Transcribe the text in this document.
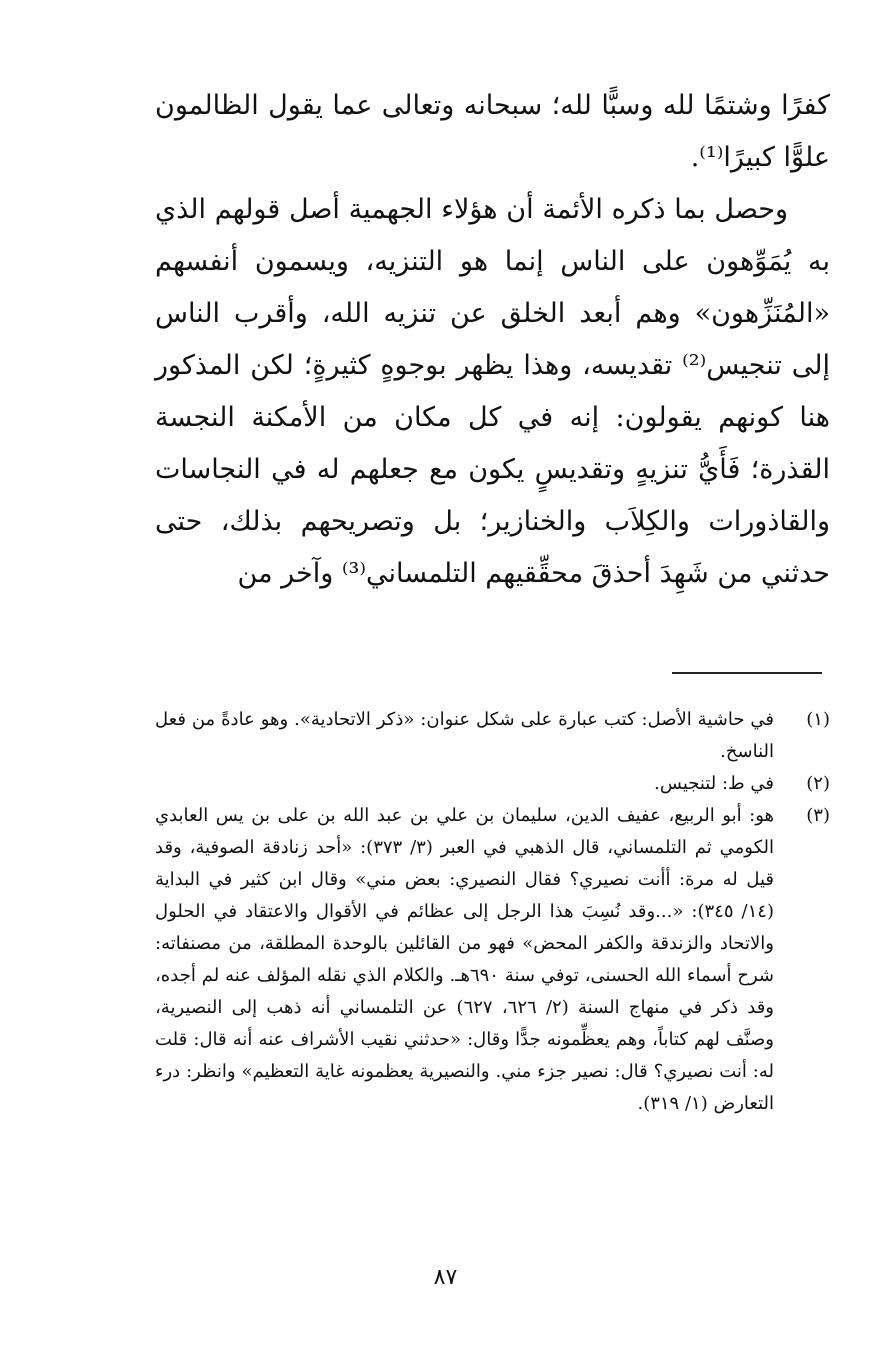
كفرًا وشتمًا لله وسبًّا لله؛ سبحانه وتعالى عما يقول الظالمون علوًّا كبيرًا⁽¹⁾.

وحصل بما ذكره الأئمة أن هؤلاء الجهمية أصل قولهم الذي به يُمَوِّهون على الناس إنما هو التنزيه، ويسمون أنفسهم «المُنَزِّهون» وهم أبعد الخلق عن تنزيه الله، وأقرب الناس إلى تنجيس⁽²⁾ تقديسه، وهذا يظهر بوجوهٍ كثيرةٍ؛ لكن المذكور هنا كونهم يقولون: إنه في كل مكان من الأمكنة النجسة القذرة؛ فَأَيُّ تنزيهٍ وتقديسٍ يكون مع جعلهم له في النجاسات والقاذورات والكِلاَب والخنازير؛ بل وتصريحهم بذلك، حتى حدثني من شَهِدَ أحذقَ محقِّقيهم التلمساني⁽³⁾ وآخر من

(١)
في حاشية الأصل: كتب عبارة على شكل عنوان: «ذكر الاتحادية». وهو عادةً من فعل الناسخ.
(٢)
في ط: لتنجيس.
(٣)
هو: أبو الربيع، عفيف الدين، سليمان بن علي بن عبد الله بن على بن يس العابدي الكومي ثم التلمساني، قال الذهبي في العبر (٣/ ٣٧٣): «أحد زنادقة الصوفية، وقد قيل له مرة: أأنت نصيري؟ فقال النصيري: بعض مني» وقال ابن كثير في البداية (١٤/ ٣٤٥): «...وقد نُسِبَ هذا الرجل إلى عظائم في الأقوال والاعتقاد في الحلول والاتحاد والزندقة والكفر المحض» فهو من القائلين بالوحدة المطلقة، من مصنفاته: شرح أسماء الله الحسنى، توفي سنة ٦٩٠هـ. والكلام الذي نقله المؤلف عنه لم أجده، وقد ذكر في منهاج السنة (٢/ ٦٢٦، ٦٢٧) عن التلمساني أنه ذهب إلى النصيرية، وصنَّف لهم كتاباً، وهم يعظِّمونه جدًّا وقال: «حدثني نقيب الأشراف عنه أنه قال: قلت له: أنت نصيري؟ قال: نصير جزء مني. والنصيرية يعظمونه غاية التعظيم» وانظر: درء التعارض (١/ ٣١٩).
٨٧
